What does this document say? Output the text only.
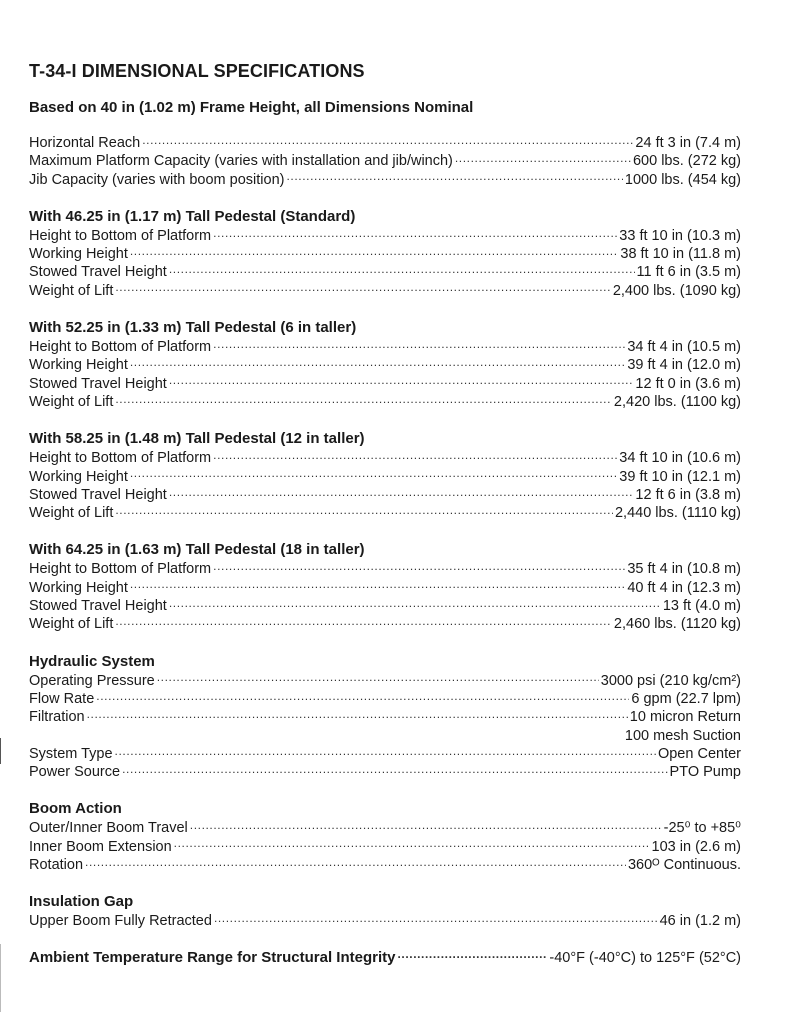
T-34-I DIMENSIONAL SPECIFICATIONS
Based on 40 in (1.02 m) Frame Height, all Dimensions Nominal
Horizontal Reach .....	24 ft 3 in (7.4 m)
Maximum Platform Capacity (varies with installation and jib/winch) .....	600 lbs. (272 kg)
Jib Capacity (varies with boom position) .....	1000 lbs. (454 kg)
With 46.25 in (1.17 m) Tall Pedestal (Standard)
Height to Bottom of Platform .....	33 ft 10 in (10.3 m)
Working Height .....	38 ft 10 in (11.8 m)
Stowed Travel Height .....	11 ft 6 in (3.5 m)
Weight of Lift .....	2,400 lbs. (1090 kg)
With 52.25 in (1.33 m) Tall Pedestal (6 in taller)
Height to Bottom of Platform .....	34 ft 4 in (10.5 m)
Working Height .....	39 ft 4 in (12.0 m)
Stowed Travel Height .....	12 ft 0 in (3.6 m)
Weight of Lift .....	2,420 lbs. (1100 kg)
With 58.25 in (1.48 m) Tall Pedestal (12 in taller)
Height to Bottom of Platform .....	34 ft 10 in (10.6 m)
Working Height .....	39 ft 10 in (12.1 m)
Stowed Travel Height .....	12 ft 6 in (3.8 m)
Weight of Lift .....	2,440 lbs. (1110 kg)
With 64.25 in (1.63 m) Tall Pedestal (18 in taller)
Height to Bottom of Platform .....	35 ft 4 in (10.8 m)
Working Height .....	40 ft 4 in (12.3 m)
Stowed Travel Height .....	13 ft (4.0 m)
Weight of Lift .....	2,460 lbs. (1120 kg)
Hydraulic System
Operating Pressure .....	3000 psi (210 kg/cm²)
Flow Rate .....	6 gpm (22.7 lpm)
Filtration .....	10 micron Return
100 mesh Suction
System Type .....	Open Center
Power Source .....	PTO Pump
Boom Action
Outer/Inner Boom Travel .....	-25⁰ to +85⁰
Inner Boom Extension .....	103 in (2.6 m)
Rotation .....	360ᴼ Continuous.
Insulation Gap
Upper Boom Fully Retracted .....	46 in (1.2 m)
Ambient Temperature Range for Structural Integrity .....	-40°F (-40°C) to 125°F (52°C)
